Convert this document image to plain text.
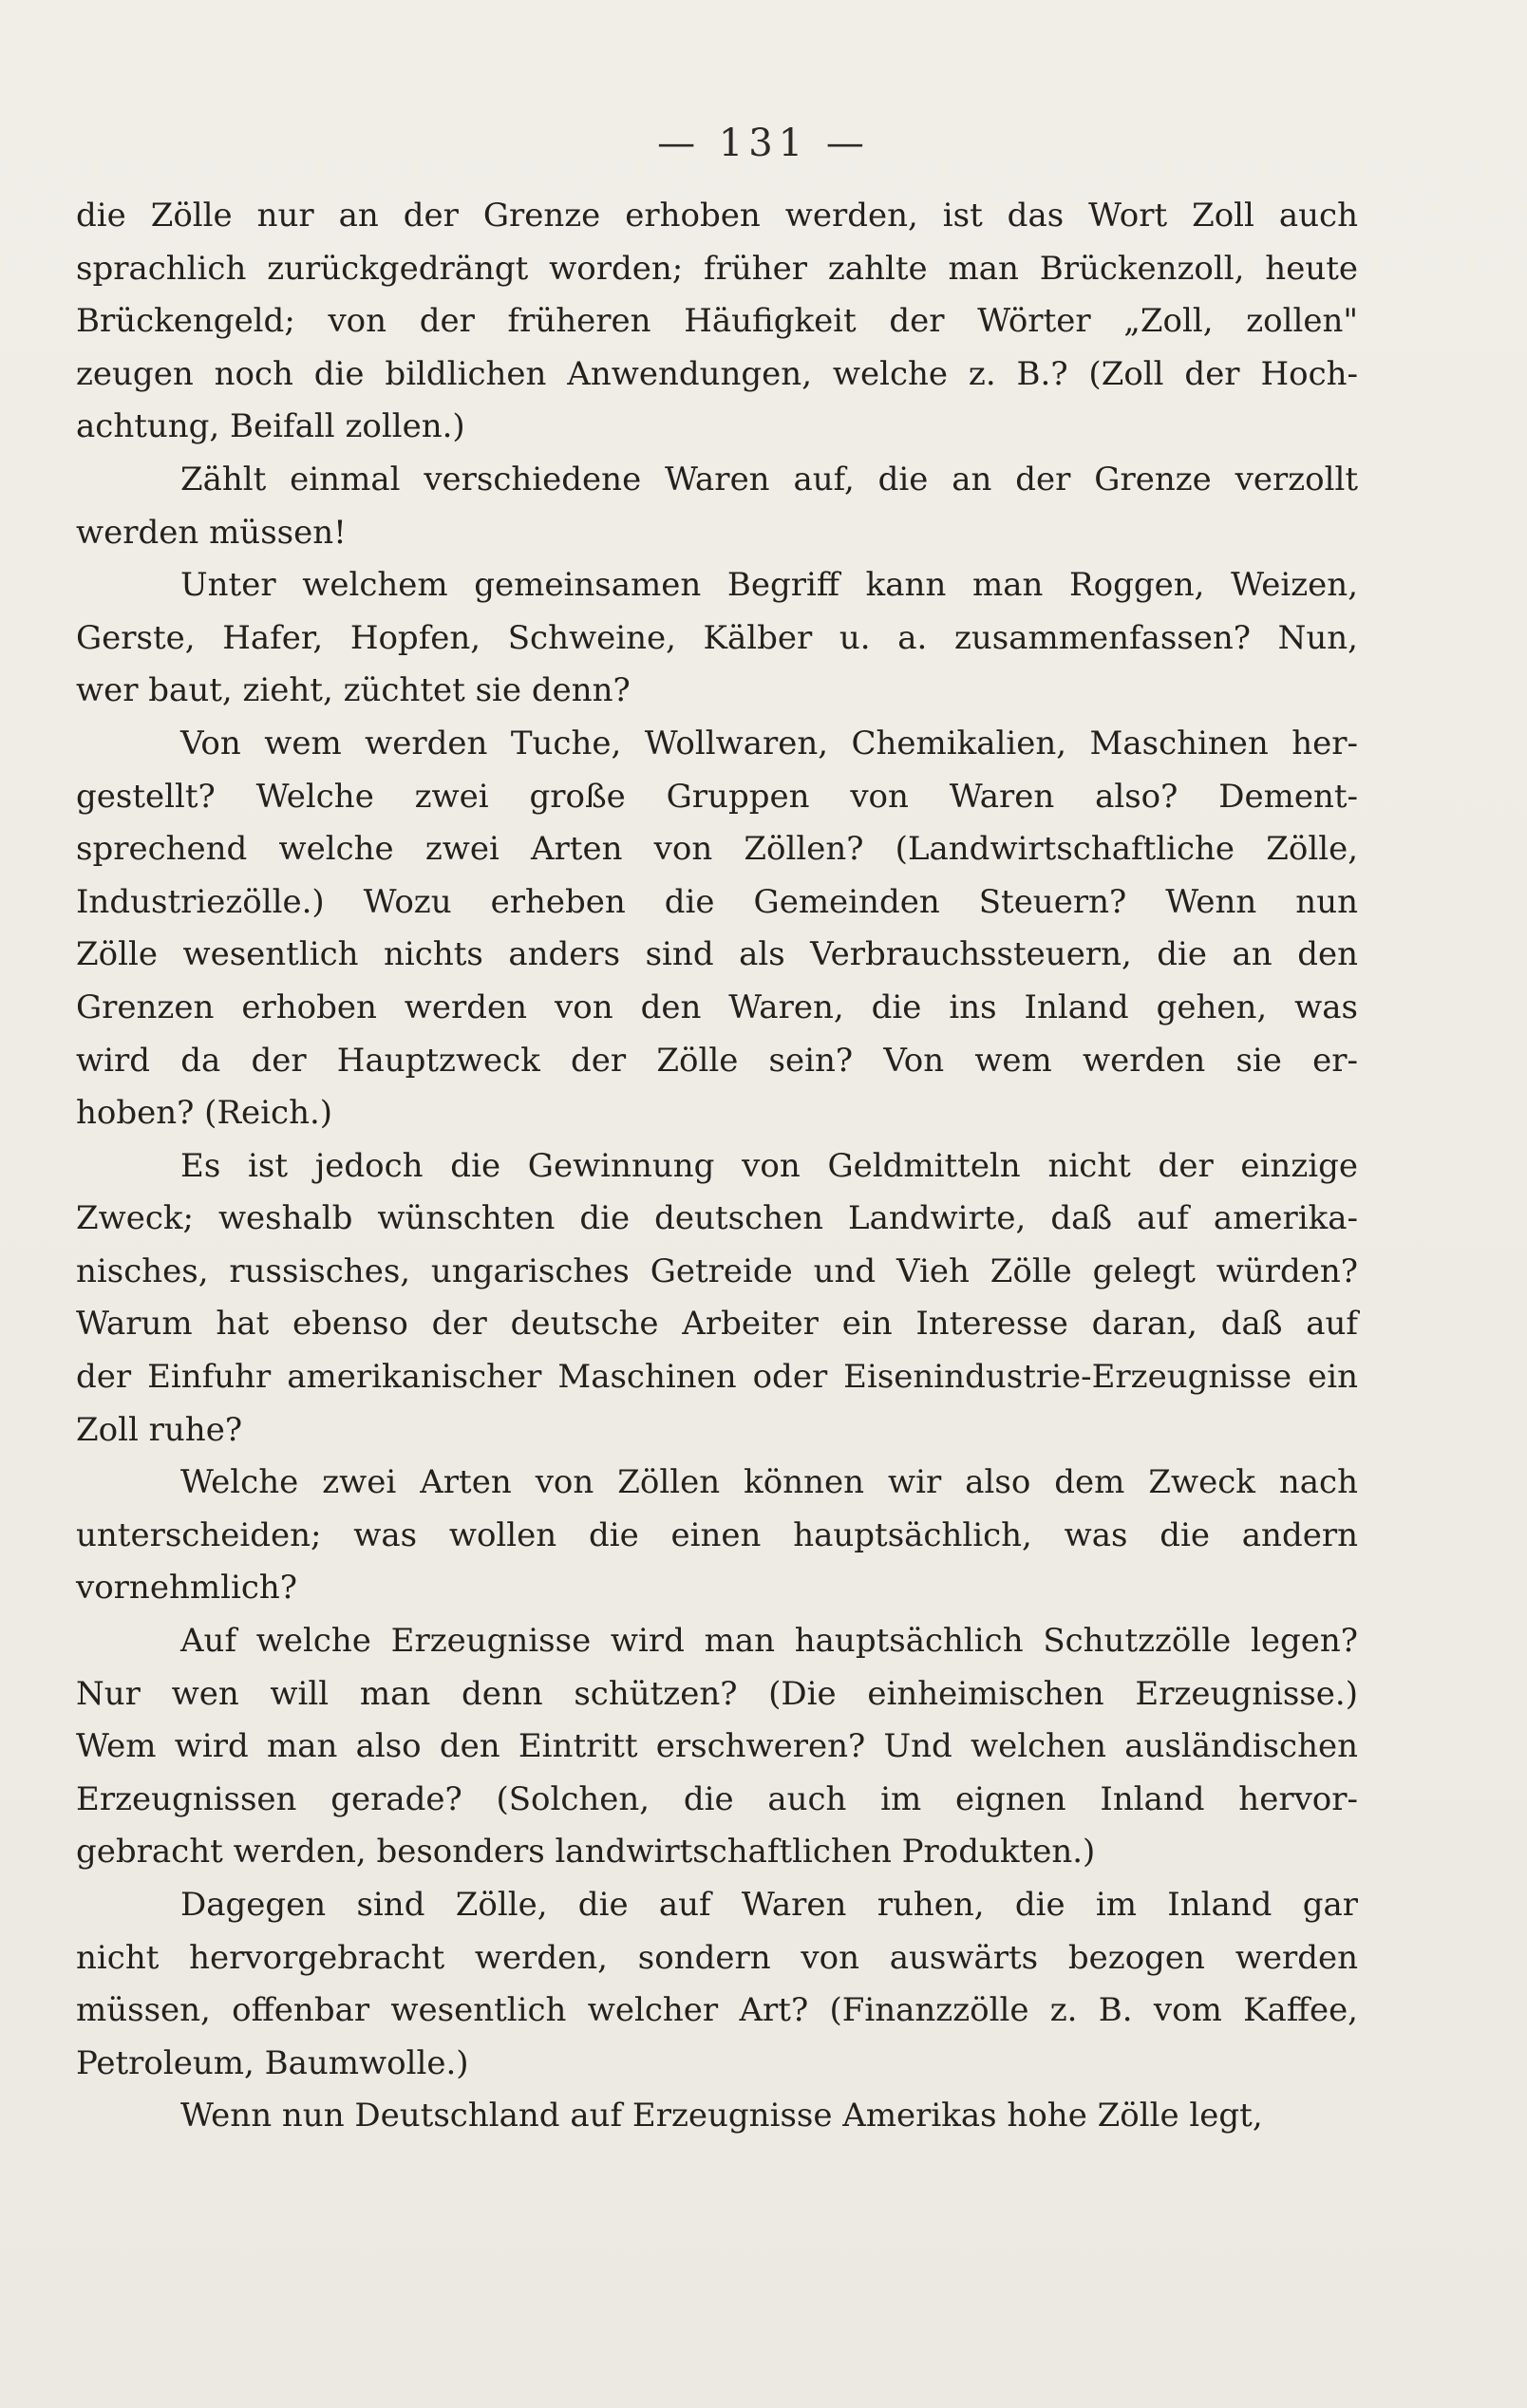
— 131 —
die Zölle nur an der Grenze erhoben werden, ist das Wort Zoll auch
sprachlich zurückgedrängt worden; früher zahlte man Brückenzoll, heute
Brückengeld; von der früheren Häufigkeit der Wörter „Zoll, zollen"
zeugen noch die bildlichen Anwendungen, welche z. B.? (Zoll der Hoch-
achtung, Beifall zollen.)
Zählt einmal verschiedene Waren auf, die an der Grenze verzollt
werden müssen!
Unter welchem gemeinsamen Begriff kann man Roggen, Weizen,
Gerste, Hafer, Hopfen, Schweine, Kälber u. a. zusammenfassen? Nun,
wer baut, zieht, züchtet sie denn?
Von wem werden Tuche, Wollwaren, Chemikalien, Maschinen her-
gestellt? Welche zwei große Gruppen von Waren also? Dement-
sprechend welche zwei Arten von Zöllen? (Landwirtschaftliche Zölle,
Industriezölle.) Wozu erheben die Gemeinden Steuern? Wenn nun
Zölle wesentlich nichts anders sind als Verbrauchssteuern, die an den
Grenzen erhoben werden von den Waren, die ins Inland gehen, was
wird da der Hauptzweck der Zölle sein? Von wem werden sie er-
hoben? (Reich.)
Es ist jedoch die Gewinnung von Geldmitteln nicht der einzige
Zweck; weshalb wünschten die deutschen Landwirte, daß auf amerika-
nisches, russisches, ungarisches Getreide und Vieh Zölle gelegt würden?
Warum hat ebenso der deutsche Arbeiter ein Interesse daran, daß auf
der Einfuhr amerikanischer Maschinen oder Eisenindustrie-Erzeugnisse ein
Zoll ruhe?
Welche zwei Arten von Zöllen können wir also dem Zweck nach
unterscheiden; was wollen die einen hauptsächlich, was die andern
vornehmlich?
Auf welche Erzeugnisse wird man hauptsächlich Schutzzölle legen?
Nur wen will man denn schützen? (Die einheimischen Erzeugnisse.)
Wem wird man also den Eintritt erschweren? Und welchen ausländischen
Erzeugnissen gerade? (Solchen, die auch im eignen Inland hervor-
gebracht werden, besonders landwirtschaftlichen Produkten.)
Dagegen sind Zölle, die auf Waren ruhen, die im Inland gar
nicht hervorgebracht werden, sondern von auswärts bezogen werden
müssen, offenbar wesentlich welcher Art? (Finanzzölle z. B. vom Kaffee,
Petroleum, Baumwolle.)
Wenn nun Deutschland auf Erzeugnisse Amerikas hohe Zölle legt,
